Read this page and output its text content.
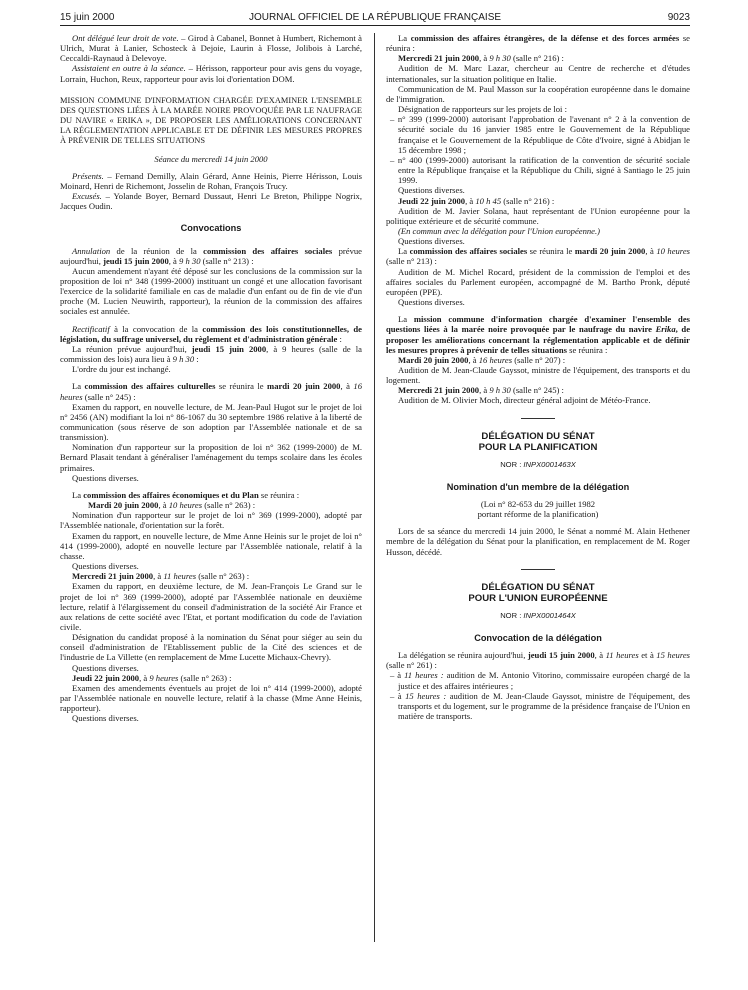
15 juin 2000	JOURNAL OFFICIEL DE LA RÉPUBLIQUE FRANÇAISE	9023

Ont délégué leur droit de vote. – Girod à Cabanel, Bonnet à Humbert, Richemont à Ulrich, Murat à Lanier, Schosteck à Dejoie, Laurin à Flosse, Jolibois à Larché, Ceccaldi-Raynaud à Delevoye.

Assistaient en outre à la séance. – Hérisson, rapporteur pour avis gens du voyage, Lorrain, Huchon, Reux, rapporteur pour avis loi d'orientation DOM.

MISSION COMMUNE D'INFORMATION CHARGÉE D'EXAMINER L'ENSEMBLE DES QUESTIONS LIÉES À LA MARÉE NOIRE PROVOQUÉE PAR LE NAUFRAGE DU NAVIRE « ERIKA », DE PROPOSER LES AMÉLIORATIONS CONCERNANT LA RÉGLEMENTATION APPLICABLE ET DE DÉFINIR LES MESURES PROPRES À PRÉVENIR DE TELLES SITUATIONS

Séance du mercredi 14 juin 2000

Présents. – Fernand Demilly, Alain Gérard, Anne Heinis, Pierre Hérisson, Louis Moinard, Henri de Richemont, Josselin de Rohan, François Trucy.

Excusés. – Yolande Boyer, Bernard Dussaut, Henri Le Breton, Philippe Nogrix, Jacques Oudin.

Convocations

Annulation de la réunion de la commission des affaires sociales prévue aujourd'hui, jeudi 15 juin 2000, à 9 h 30 (salle n° 213) :

Aucun amendement n'ayant été déposé sur les conclusions de la commission sur la proposition de loi n° 348 (1999-2000) instituant un congé et une allocation favorisant l'exercice de la solidarité familiale en cas de maladie d'un enfant ou de fin de vie d'un proche (M. Lucien Neuwirth, rapporteur), la réunion de la commission des affaires sociales est annulée.

Rectificatif à la convocation de la commission des lois constitutionnelles, de législation, du suffrage universel, du règlement et d'administration générale :

La réunion prévue aujourd'hui, jeudi 15 juin 2000, à 9 heures (salle de la commission des lois) aura lieu à 9 h 30 :

L'ordre du jour est inchangé.

La commission des affaires culturelles se réunira le mardi 20 juin 2000, à 16 heures (salle n° 245) :

Examen du rapport, en nouvelle lecture, de M. Jean-Paul Hugot sur le projet de loi n° 2456 (AN) modifiant la loi n° 86-1067 du 30 septembre 1986 relative à la liberté de communication (sous réserve de son adoption par l'Assemblée nationale et de sa transmission).

Nomination d'un rapporteur sur la proposition de loi n° 362 (1999-2000) de M. Bernard Plasait tendant à généraliser l'aménagement du temps scolaire dans les écoles primaires.

Questions diverses.

La commission des affaires économiques et du Plan se réunira :

Mardi 20 juin 2000, à 10 heures (salle n° 263) :

Nomination d'un rapporteur sur le projet de loi n° 369 (1999-2000), adopté par l'Assemblée nationale, d'orientation sur la forêt.

Examen du rapport, en nouvelle lecture, de Mme Anne Heinis sur le projet de loi n° 414 (1999-2000), adopté en nouvelle lecture par l'Assemblée nationale, relatif à la chasse.

Questions diverses.

Mercredi 21 juin 2000, à 11 heures (salle n° 263) :

Examen du rapport, en deuxième lecture, de M. Jean-François Le Grand sur le projet de loi n° 369 (1999-2000), adopté par l'Assemblée nationale en deuxième lecture, relatif à l'élargissement du conseil d'administration de la société Air France et aux relations de cette société avec l'Etat, et portant modification du code de l'aviation civile.

Désignation du candidat proposé à la nomination du Sénat pour siéger au sein du conseil d'administration de l'Etablissement public de la Cité des sciences et de l'industrie de La Villette (en remplacement de Mme Lucette Michaux-Chevry).

Questions diverses.

Jeudi 22 juin 2000, à 9 heures (salle n° 263) :

Examen des amendements éventuels au projet de loi n° 414 (1999-2000), adopté par l'Assemblée nationale en nouvelle lecture, relatif à la chasse (Mme Anne Heinis, rapporteur).

Questions diverses.

La commission des affaires étrangères, de la défense et des forces armées se réunira :

Mercredi 21 juin 2000, à 9 h 30 (salle n° 216) :

Audition de M. Marc Lazar, chercheur au Centre de recherche et d'études internationales, sur la situation politique en Italie.

Communication de M. Paul Masson sur la coopération européenne dans le domaine de l'immigration.

Désignation de rapporteurs sur les projets de loi :

– n° 399 (1999-2000) autorisant l'approbation de l'avenant n° 2 à la convention de sécurité sociale du 16 janvier 1985 entre le Gouvernement de la République française et le Gouvernement de la République de Côte d'Ivoire, signé à Abidjan le 15 décembre 1998 ;

– n° 400 (1999-2000) autorisant la ratification de la convention de sécurité sociale entre la République française et la République du Chili, signé à Santiago le 25 juin 1999.

Questions diverses.

Jeudi 22 juin 2000, à 10 h 45 (salle n° 216) :

Audition de M. Javier Solana, haut représentant de l'Union européenne pour la politique extérieure et de sécurité commune.

(En commun avec la délégation pour l'Union européenne.)

Questions diverses.

La commission des affaires sociales se réunira le mardi 20 juin 2000, à 10 heures (salle n° 213) :

Audition de M. Michel Rocard, président de la commission de l'emploi et des affaires sociales du Parlement européen, accompagné de M. Bartho Pronk, député européen (PPE).

Questions diverses.

La mission commune d'information chargée d'examiner l'ensemble des questions liées à la marée noire provoquée par le naufrage du navire Erika, de proposer les améliorations concernant la réglementation applicable et de définir les mesures propres à prévenir de telles situations se réunira :

Mardi 20 juin 2000, à 16 heures (salle n° 207) :

Audition de M. Jean-Claude Gayssot, ministre de l'équipement, des transports et du logement.

Mercredi 21 juin 2000, à 9 h 30 (salle n° 245) :

Audition de M. Olivier Moch, directeur général adjoint de Météo-France.

DÉLÉGATION DU SÉNAT
POUR LA PLANIFICATION

NOR : INPX0001463X

Nomination d'un membre de la délégation

(Loi n° 82-653 du 29 juillet 1982
portant réforme de la planification)

Lors de sa séance du mercredi 14 juin 2000, le Sénat a nommé M. Alain Hethener membre de la délégation du Sénat pour la planification, en remplacement de M. Roger Husson, décédé.

DÉLÉGATION DU SÉNAT
POUR L'UNION EUROPÉENNE

NOR : INPX0001464X

Convocation de la délégation

La délégation se réunira aujourd'hui, jeudi 15 juin 2000, à 11 heures et à 15 heures (salle n° 261) :

– à 11 heures : audition de M. Antonio Vitorino, commissaire européen chargé de la justice et des affaires intérieures ;

– à 15 heures : audition de M. Jean-Claude Gayssot, ministre de l'équipement, des transports et du logement, sur le programme de la présidence française de l'Union en matière de transports.
